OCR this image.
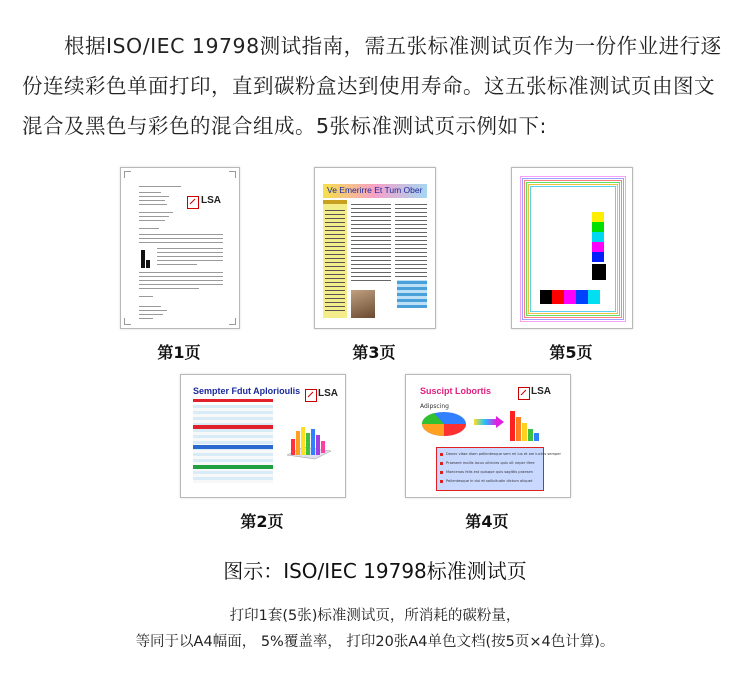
根据ISO/IEC 19798测试指南，需五张标准测试页作为一份作业进行逐份连续彩色单面打印，直到碳粉盒达到使用寿命。这五张标准测试页由图文混合及黑色与彩色的混合组成。5张标准测试页示例如下:

LSA
第1页
Ve Emerirre Et Tum Ober
第3页	第5页
Sempter Fdut Aplorioulis LSA
第2页
Suscipt Lobortis	LSA
Adipscing
Donec vitae diam pellentesque sem mi ius et am luctus semper
Praesent mollis lacus ultricies quis ult neper ifere
Maecenas felis est quisque quis sagittis praesen
Pellentesque in dui et sollicitudin dictum aliquet
第4页
图示：ISO/IEC 19798标准测试页
打印1套(5张)标准测试页，所消耗的碳粉量，
等同于以A4幅面， 5%覆盖率， 打印20张A4单色文档(按5页×4色计算)。
